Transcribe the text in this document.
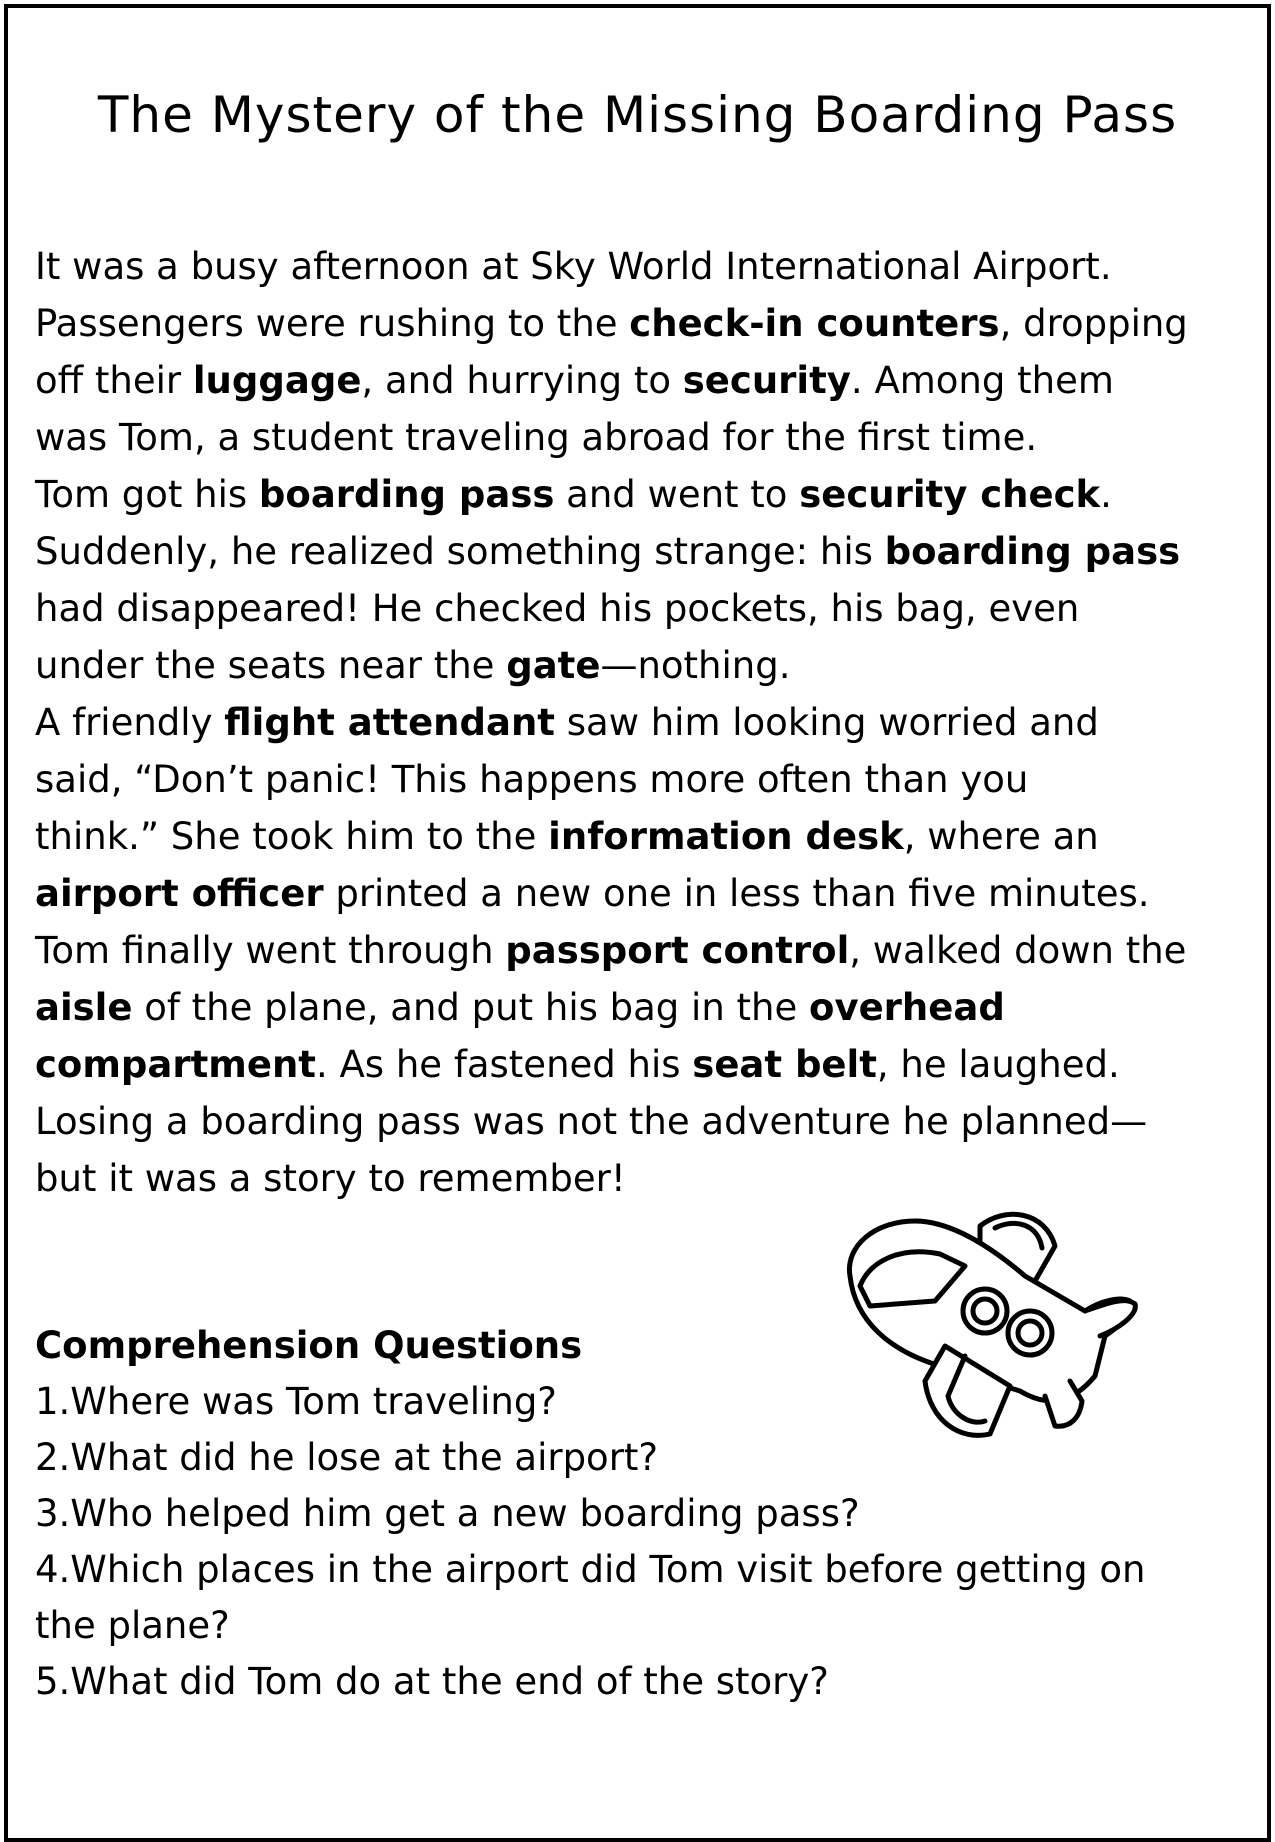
The Mystery of the Missing Boarding Pass
It was a busy afternoon at Sky World International Airport.
Passengers were rushing to the check-in counters, dropping
off their luggage, and hurrying to security. Among them
was Tom, a student traveling abroad for the first time.
Tom got his boarding pass and went to security check.
Suddenly, he realized something strange: his boarding pass
had disappeared! He checked his pockets, his bag, even
under the seats near the gate—nothing.
A friendly flight attendant saw him looking worried and
said, “Don’t panic! This happens more often than you
think.” She took him to the information desk, where an
airport officer printed a new one in less than five minutes.
Tom finally went through passport control, walked down the
aisle of the plane, and put his bag in the overhead
compartment. As he fastened his seat belt, he laughed.
Losing a boarding pass was not the adventure he planned—
but it was a story to remember!
Comprehension Questions
1.Where was Tom traveling?
2.What did he lose at the airport?
3.Who helped him get a new boarding pass?
4.Which places in the airport did Tom visit before getting on
the plane?
5.What did Tom do at the end of the story?
